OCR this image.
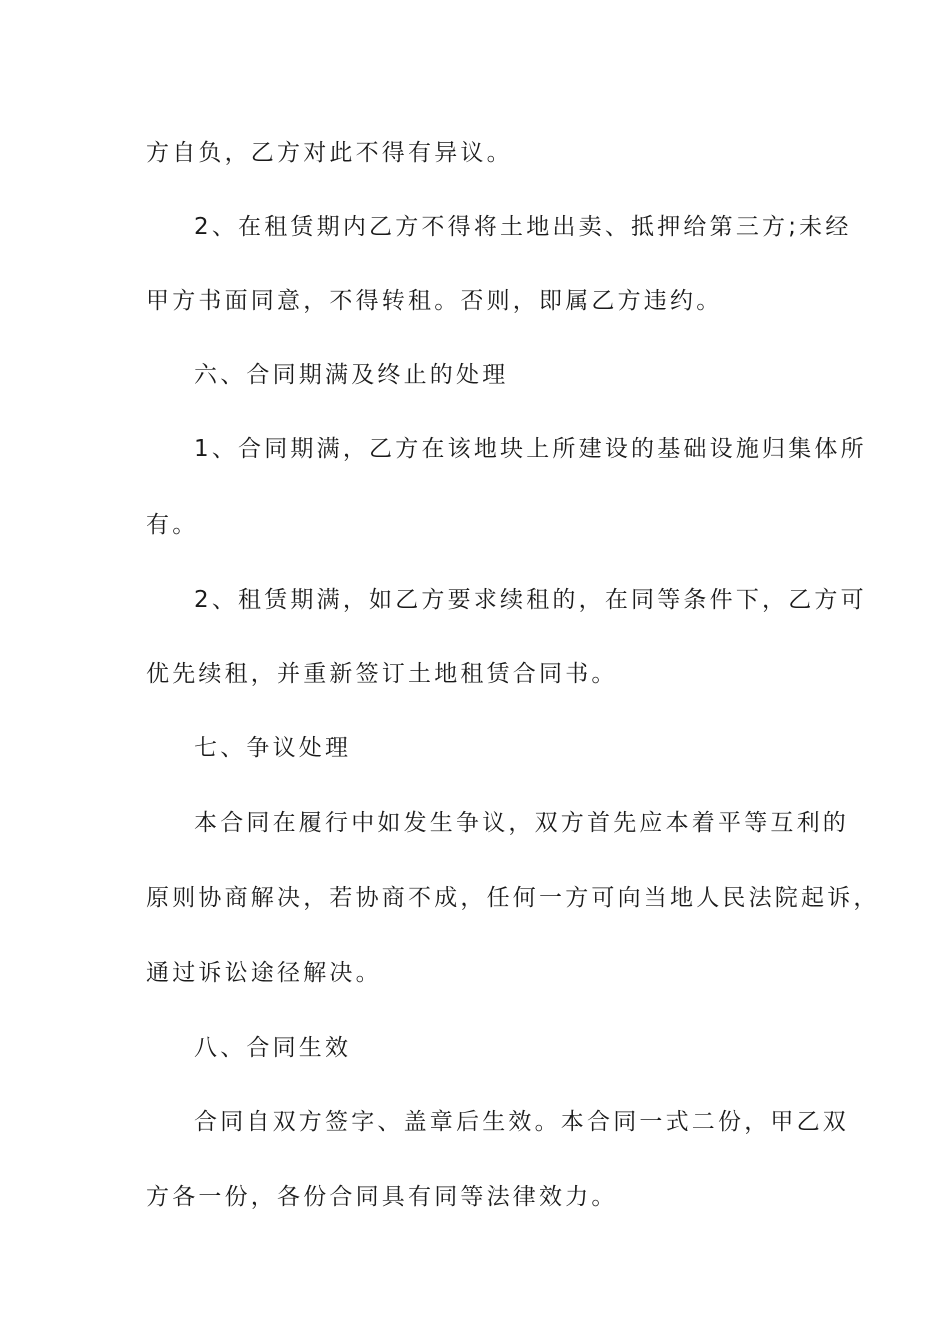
方自负，乙方对此不得有异议。
2、在租赁期内乙方不得将土地出卖、抵押给第三方;未经
甲方书面同意，不得转租。否则，即属乙方违约。
六、合同期满及终止的处理
1、合同期满，乙方在该地块上所建设的基础设施归集体所
有。
2、租赁期满，如乙方要求续租的，在同等条件下，乙方可
优先续租，并重新签订土地租赁合同书。
七、争议处理
本合同在履行中如发生争议，双方首先应本着平等互利的
原则协商解决，若协商不成，任何一方可向当地人民法院起诉，
通过诉讼途径解决。
八、合同生效
合同自双方签字、盖章后生效。本合同一式二份，甲乙双
方各一份，各份合同具有同等法律效力。
